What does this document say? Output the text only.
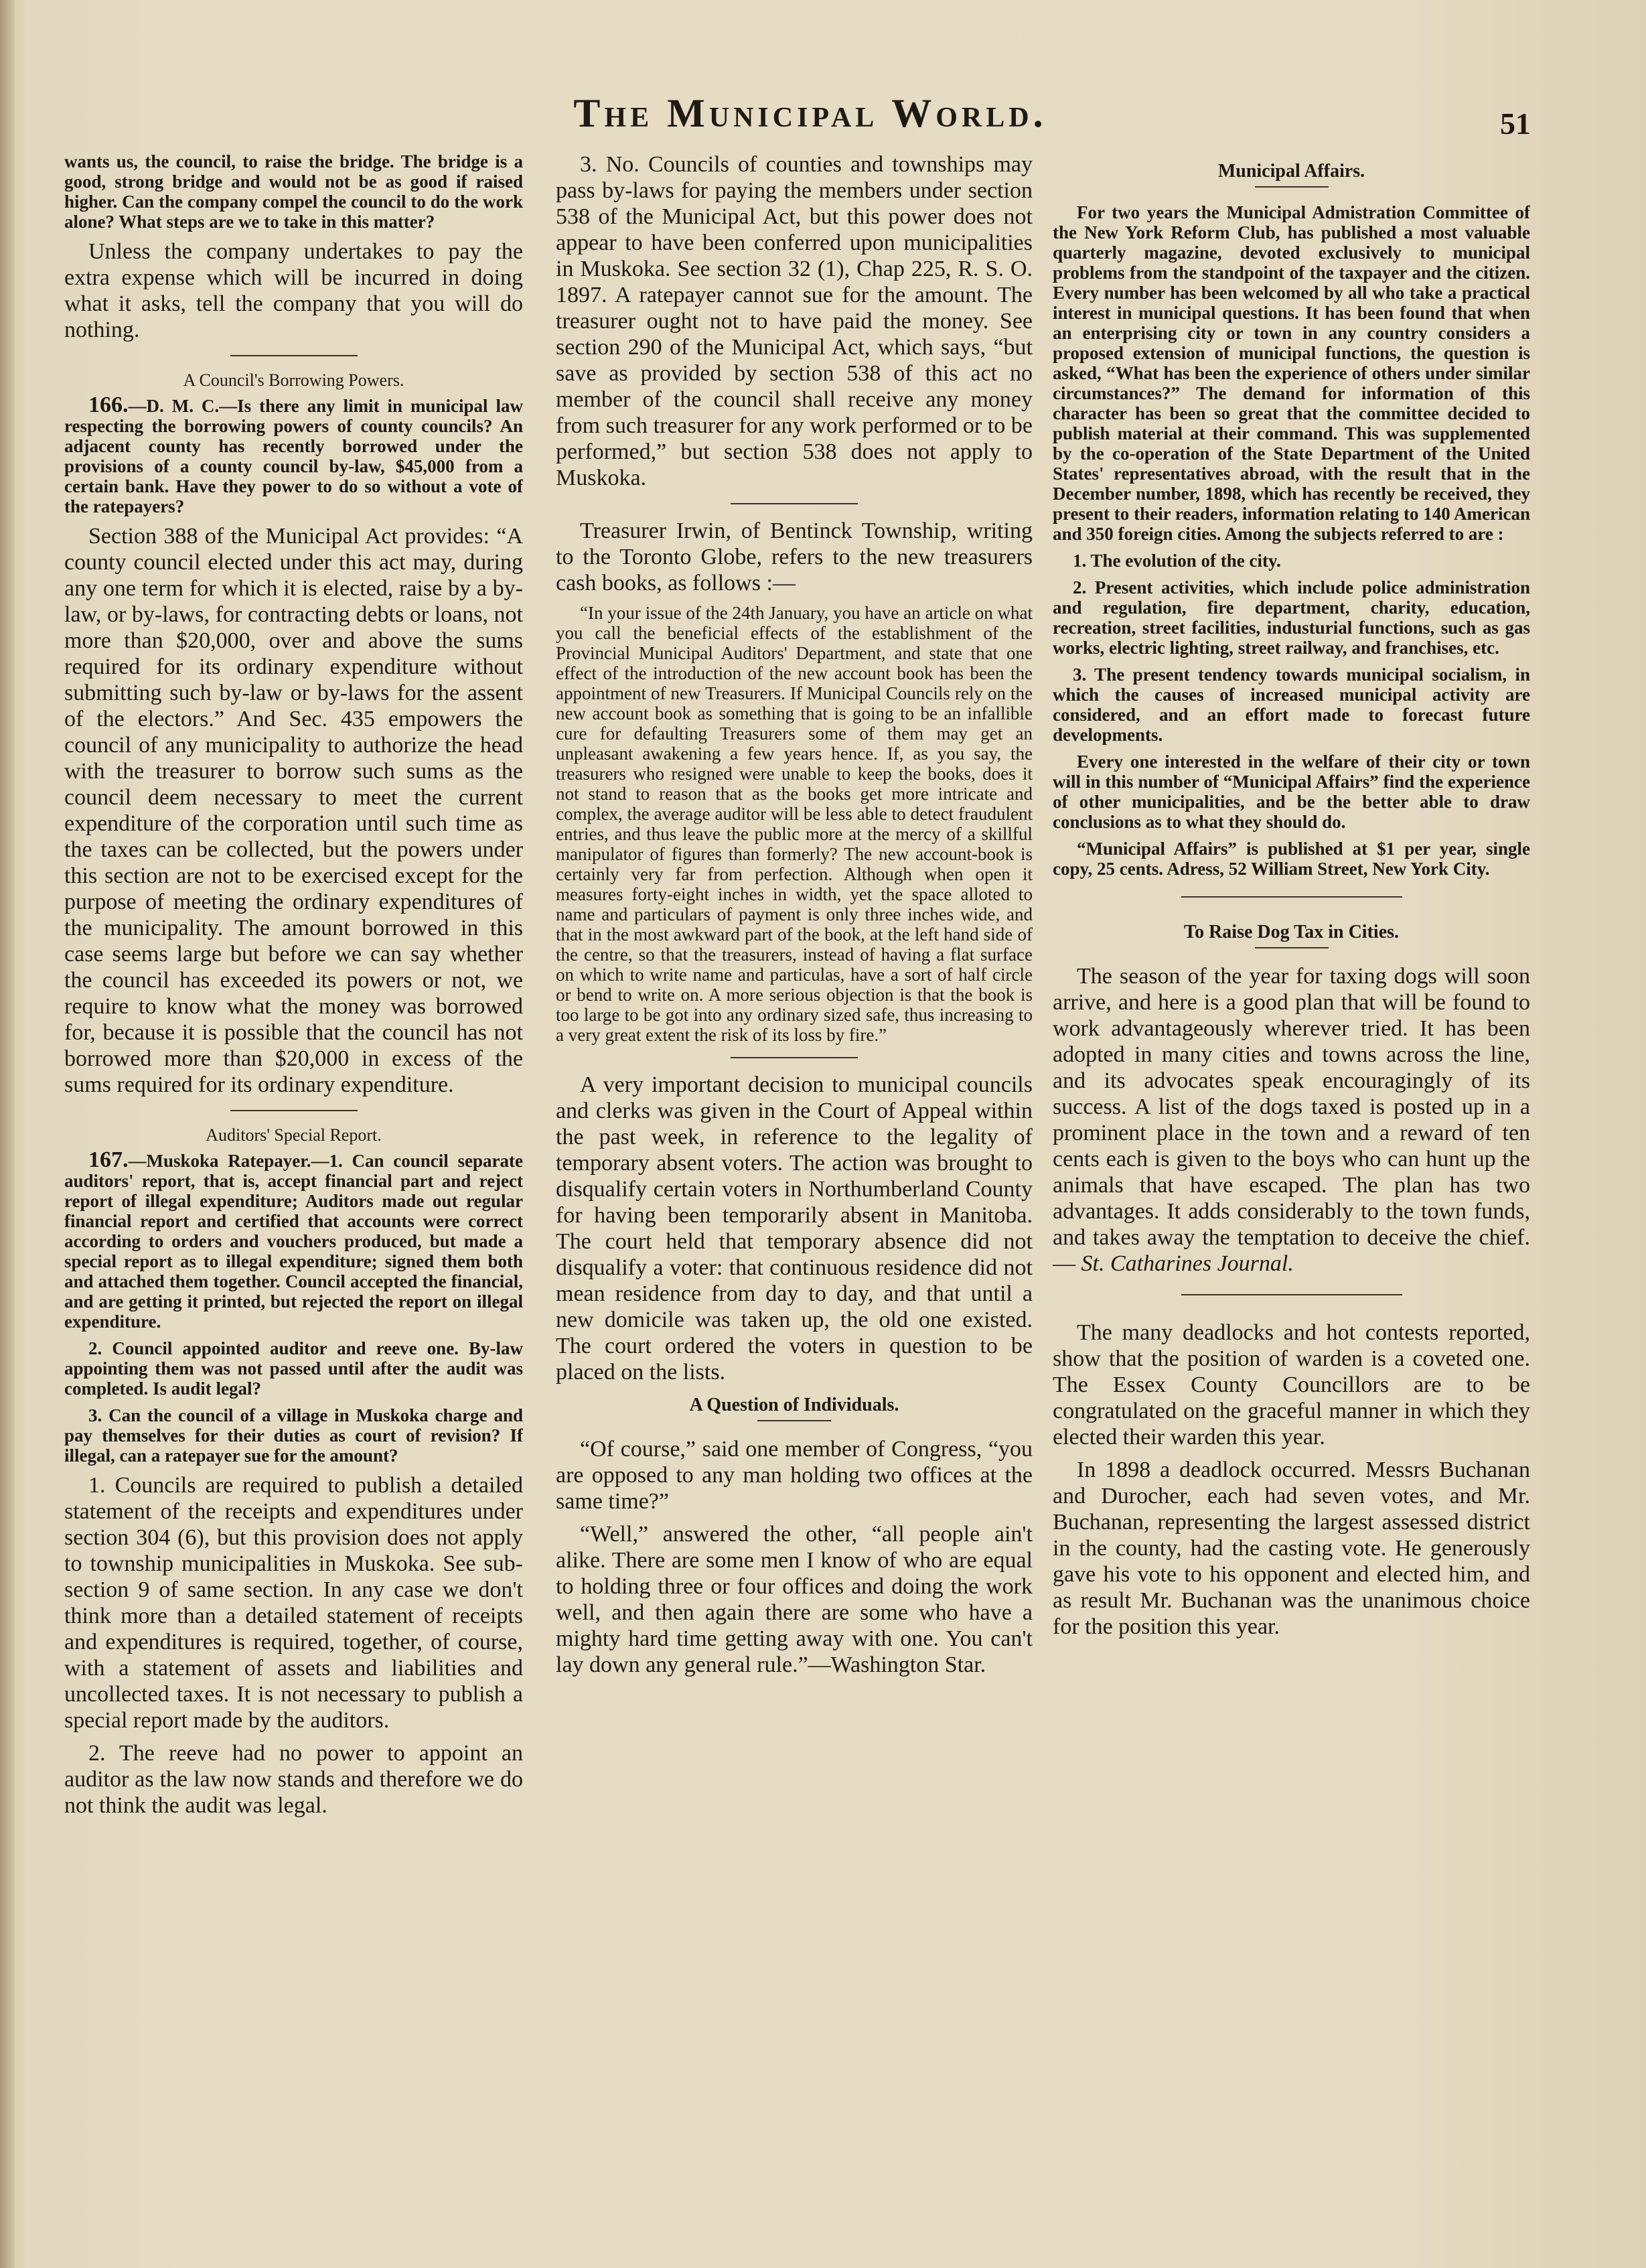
The Municipal World.	51

wants us, the council, to raise the bridge. The bridge is a good, strong bridge and would not be as good if raised higher. Can the company compel the council to do the work alone? What steps are we to take in this matter?

Unless the company undertakes to pay the extra expense which will be incurred in doing what it asks, tell the company that you will do nothing.

A Council's Borrowing Powers.

166.—D. M. C.—Is there any limit in municipal law respecting the borrowing powers of county councils? An adjacent county has recently borrowed under the provisions of a county council by-law, $45,000 from a certain bank. Have they power to do so without a vote of the ratepayers?

Section 388 of the Municipal Act provides: “A county council elected under this act may, during any one term for which it is elected, raise by a by-law, or by-laws, for contracting debts or loans, not more than $20,000, over and above the sums required for its ordinary expenditure without submitting such by-law or by-laws for the assent of the electors.” And Sec. 435 empowers the council of any municipality to authorize the head with the treasurer to borrow such sums as the council deem necessary to meet the current expenditure of the corporation until such time as the taxes can be collected, but the powers under this section are not to be exercised except for the purpose of meeting the ordinary expenditures of the municipality. The amount borrowed in this case seems large but before we can say whether the council has exceeded its powers or not, we require to know what the money was borrowed for, because it is possible that the council has not borrowed more than $20,000 in excess of the sums required for its ordinary expenditure.

Auditors' Special Report.

167.—Muskoka Ratepayer.—1. Can council separate auditors' report, that is, accept financial part and reject report of illegal expenditure; Auditors made out regular financial report and certified that accounts were correct according to orders and vouchers produced, but made a special report as to illegal expenditure; signed them both and attached them together. Council accepted the financial, and are getting it printed, but rejected the report on illegal expenditure.

2. Council appointed auditor and reeve one. By-law appointing them was not passed until after the audit was completed. Is audit legal?

3. Can the council of a village in Muskoka charge and pay themselves for their duties as court of revision? If illegal, can a ratepayer sue for the amount?

1. Councils are required to publish a detailed statement of the receipts and expenditures under section 304 (6), but this provision does not apply to township municipalities in Muskoka. See sub-section 9 of same section. In any case we don't think more than a detailed statement of receipts and expenditures is required, together, of course, with a statement of assets and liabilities and uncollected taxes. It is not necessary to publish a special report made by the auditors.

2. The reeve had no power to appoint an auditor as the law now stands and therefore we do not think the audit was legal.

3. No. Councils of counties and townships may pass by-laws for paying the members under section 538 of the Municipal Act, but this power does not appear to have been conferred upon municipalities in Muskoka. See section 32 (1), Chap 225, R. S. O. 1897. A ratepayer cannot sue for the amount. The treasurer ought not to have paid the money. See section 290 of the Municipal Act, which says, “but save as provided by section 538 of this act no member of the council shall receive any money from such treasurer for any work performed or to be performed,” but section 538 does not apply to Muskoka.

Treasurer Irwin, of Bentinck Township, writing to the Toronto Globe, refers to the new treasurers cash books, as follows :—

“In your issue of the 24th January, you have an article on what you call the beneficial effects of the establishment of the Provincial Municipal Auditors' Department, and state that one effect of the introduction of the new account book has been the appointment of new Treasurers. If Municipal Councils rely on the new account book as something that is going to be an infallible cure for defaulting Treasurers some of them may get an unpleasant awakening a few years hence. If, as you say, the treasurers who resigned were unable to keep the books, does it not stand to reason that as the books get more intricate and complex, the average auditor will be less able to detect fraudulent entries, and thus leave the public more at the mercy of a skillful manipulator of figures than formerly? The new account-book is certainly very far from perfection. Although when open it measures forty-eight inches in width, yet the space alloted to name and particulars of payment is only three inches wide, and that in the most awkward part of the book, at the left hand side of the centre, so that the treasurers, instead of having a flat surface on which to write name and particulas, have a sort of half circle or bend to write on. A more serious objection is that the book is too large to be got into any ordinary sized safe, thus increasing to a very great extent the risk of its loss by fire.”

A very important decision to municipal councils and clerks was given in the Court of Appeal within the past week, in reference to the legality of temporary absent voters. The action was brought to disqualify certain voters in Northumberland County for having been temporarily absent in Manitoba. The court held that temporary absence did not disqualify a voter: that continuous residence did not mean residence from day to day, and that until a new domicile was taken up, the old one existed. The court ordered the voters in question to be placed on the lists.

A Question of Individuals.

“Of course,” said one member of Congress, “you are opposed to any man holding two offices at the same time?”

“Well,” answered the other, “all people ain't alike. There are some men I know of who are equal to holding three or four offices and doing the work well, and then again there are some who have a mighty hard time getting away with one. You can't lay down any general rule.”—Washington Star.

Municipal Affairs.

For two years the Municipal Admistration Committee of the New York Reform Club, has published a most valuable quarterly magazine, devoted exclusively to municipal problems from the standpoint of the taxpayer and the citizen. Every number has been welcomed by all who take a practical interest in municipal questions. It has been found that when an enterprising city or town in any country considers a proposed extension of municipal functions, the question is asked, “What has been the experience of others under similar circumstances?” The demand for information of this character has been so great that the committee decided to publish material at their command. This was supplemented by the co-operation of the State Department of the United States' representatives abroad, with the result that in the December number, 1898, which has recently be received, they present to their readers, information relating to 140 American and 350 foreign cities. Among the subjects referred to are :

1. The evolution of the city.

2. Present activities, which include police administration and regulation, fire department, charity, education, recreation, street facilities, industurial functions, such as gas works, electric lighting, street railway, and franchises, etc.

3. The present tendency towards municipal socialism, in which the causes of increased municipal activity are considered, and an effort made to forecast future developments.

Every one interested in the welfare of their city or town will in this number of “Municipal Affairs” find the experience of other municipalities, and be the better able to draw conclusions as to what they should do.

“Municipal Affairs” is published at $1 per year, single copy, 25 cents. Adress, 52 William Street, New York City.

To Raise Dog Tax in Cities.

The season of the year for taxing dogs will soon arrive, and here is a good plan that will be found to work advantageously wherever tried. It has been adopted in many cities and towns across the line, and its advocates speak encouragingly of its success. A list of the dogs taxed is posted up in a prominent place in the town and a reward of ten cents each is given to the boys who can hunt up the animals that have escaped. The plan has two advantages. It adds considerably to the town funds, and takes away the temptation to deceive the chief.— St. Catharines Journal.

The many deadlocks and hot contests reported, show that the position of warden is a coveted one. The Essex County Councillors are to be congratulated on the graceful manner in which they elected their warden this year.

In 1898 a deadlock occurred. Messrs Buchanan and Durocher, each had seven votes, and Mr. Buchanan, representing the largest assessed district in the county, had the casting vote. He generously gave his vote to his opponent and elected him, and as result Mr. Buchanan was the unanimous choice for the position this year.
